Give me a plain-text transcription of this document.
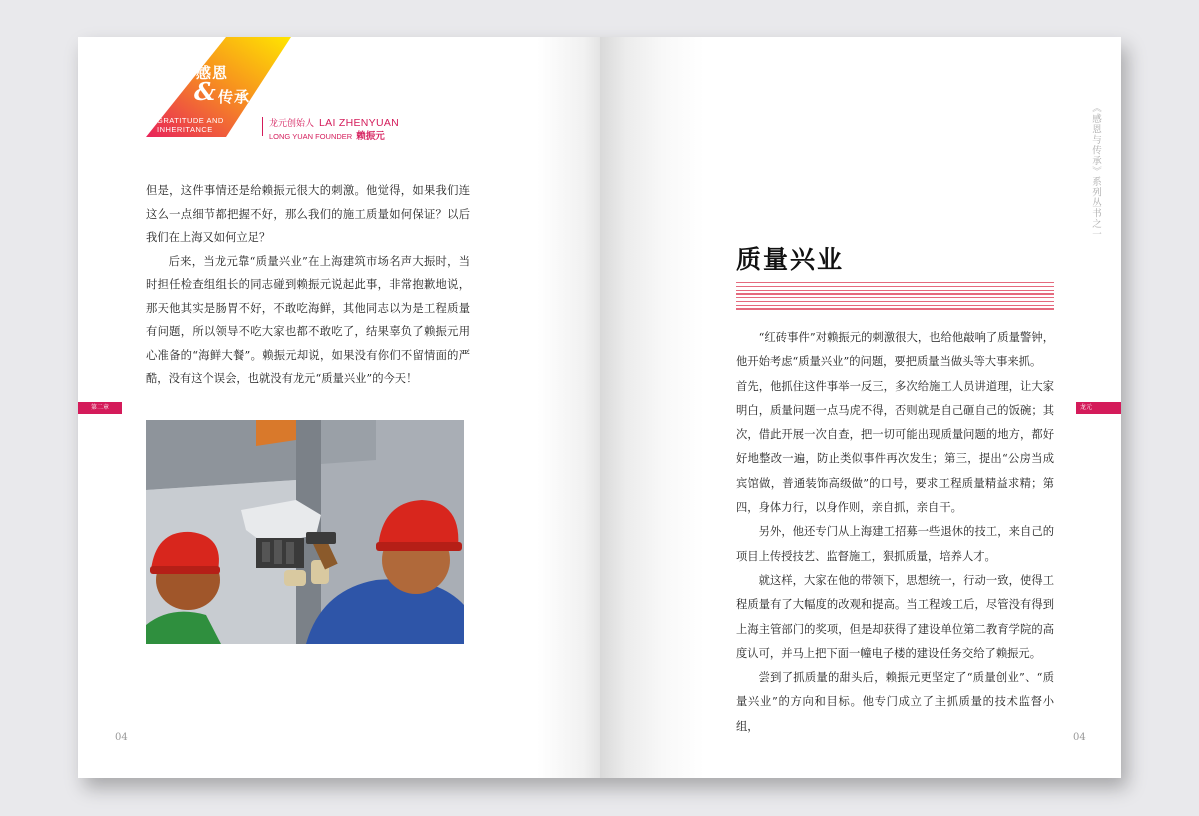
感恩
& 传承
GRATITUDE AND INHERITANCE
龙元创始人 LAI ZHENYUAN
LONG YUAN FOUNDER 赖振元

但是，这件事情还是给赖振元很大的刺激。他觉得，如果我们连这么一点细节都把握不好，那么我们的施工质量如何保证？以后我们在上海又如何立足？

后来，当龙元靠“质量兴业”在上海建筑市场名声大振时，当时担任检查组组长的同志碰到赖振元说起此事，非常抱歉地说，那天他其实是肠胃不好，不敢吃海鲜，其他同志以为是工程质量有问题，所以领导不吃大家也都不敢吃了，结果辜负了赖振元用心准备的“海鲜大餐”。赖振元却说，如果没有你们不留情面的严酷，没有这个误会，也就没有龙元“质量兴业”的今天！

第二章
04
《感恩与传承》系列丛书之一
质量兴业

“红砖事件”对赖振元的刺激很大，也给他敲响了质量警钟，他开始考虑“质量兴业”的问题，要把质量当做头等大事来抓。

首先，他抓住这件事举一反三，多次给施工人员讲道理，让大家明白，质量问题一点马虎不得，否则就是自己砸自己的饭碗；其次，借此开展一次自查，把一切可能出现质量问题的地方，都好好地整改一遍，防止类似事件再次发生；第三，提出“公房当成宾馆做，普通装饰高级做”的口号，要求工程质量精益求精；第四，身体力行，以身作则，亲自抓，亲自干。

另外，他还专门从上海建工招募一些退休的技工，来自己的项目上传授技艺、监督施工，狠抓质量，培养人才。

就这样，大家在他的带领下，思想统一，行动一致，使得工程质量有了大幅度的改观和提高。当工程竣工后，尽管没有得到上海主管部门的奖项，但是却获得了建设单位第二教育学院的高度认可，并马上把下面一幢电子楼的建设任务交给了赖振元。

尝到了抓质量的甜头后，赖振元更坚定了“质量创业”、“质量兴业”的方向和目标。他专门成立了主抓质量的技术监督小组，

龙元
04
